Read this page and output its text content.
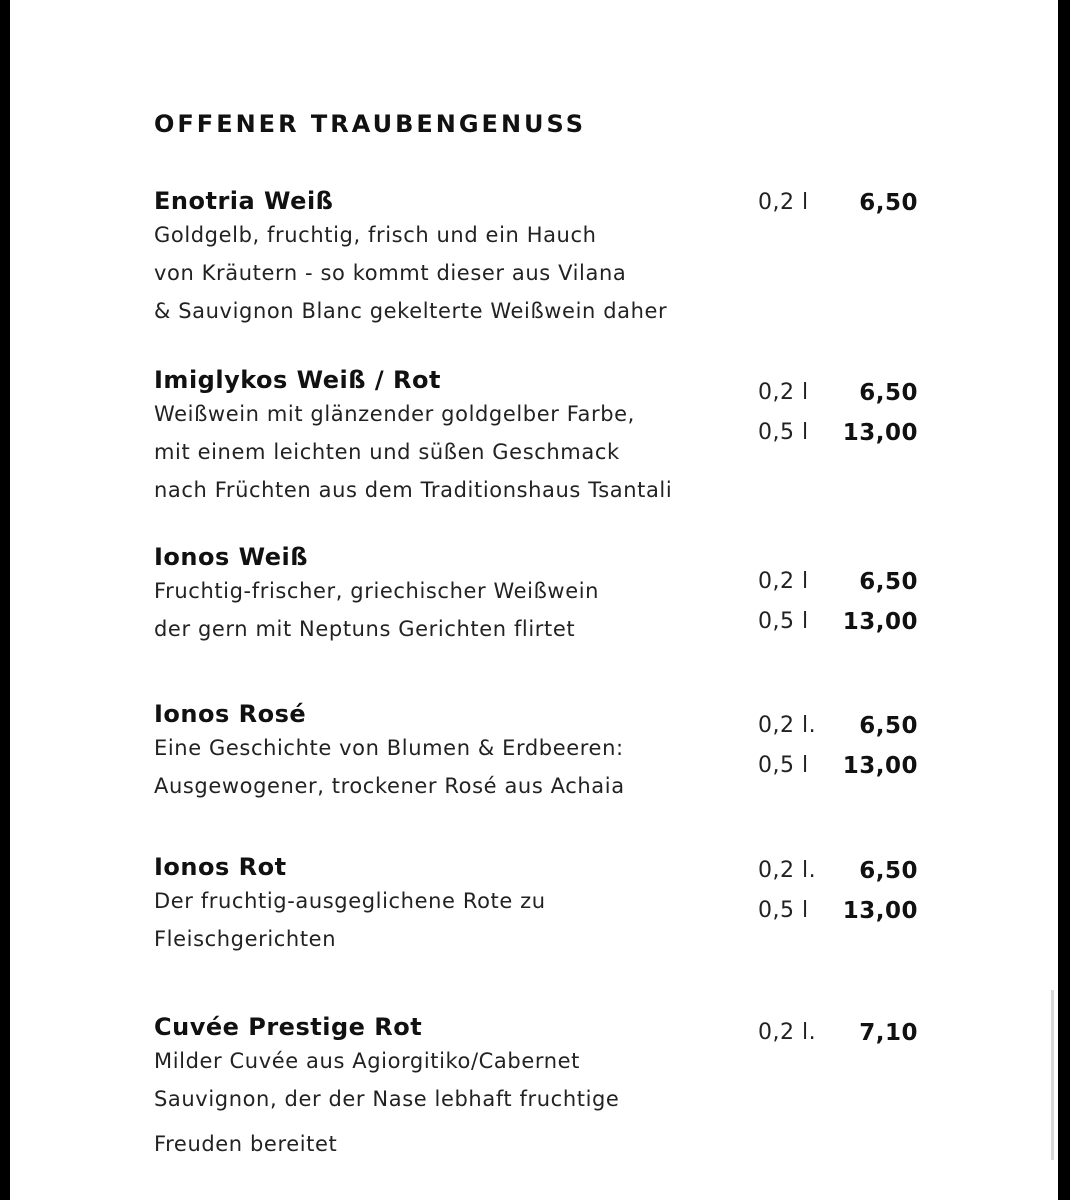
OFFENER TRAUBENGENUSS
Enotria Weiß
Goldgelb, fruchtig, frisch und ein Hauch
von Kräutern - so kommt dieser aus Vilana
& Sauvignon Blanc gekelterte Weißwein daher
0,2 l 6,50
Imiglykos Weiß / Rot
Weißwein mit glänzender goldgelber Farbe,
mit einem leichten und süßen Geschmack
nach Früchten aus dem Traditionshaus Tsantali
0,2 l 6,50
0,5 l 13,00
Ionos Weiß
Fruchtig-frischer, griechischer Weißwein
der gern mit Neptuns Gerichten flirtet
0,2 l 6,50
0,5 l 13,00
Ionos Rosé
Eine Geschichte von Blumen & Erdbeeren:
Ausgewogener, trockener Rosé aus Achaia
0,2 l. 6,50
0,5 l 13,00
Ionos Rot
Der fruchtig-ausgeglichene Rote zu
Fleischgerichten
0,2 l. 6,50
0,5 l 13,00
Cuvée Prestige Rot
Milder Cuvée aus Agiorgitiko/Cabernet
Sauvignon, der der Nase lebhaft fruchtige
Freuden bereitet
0,2 l. 7,10
